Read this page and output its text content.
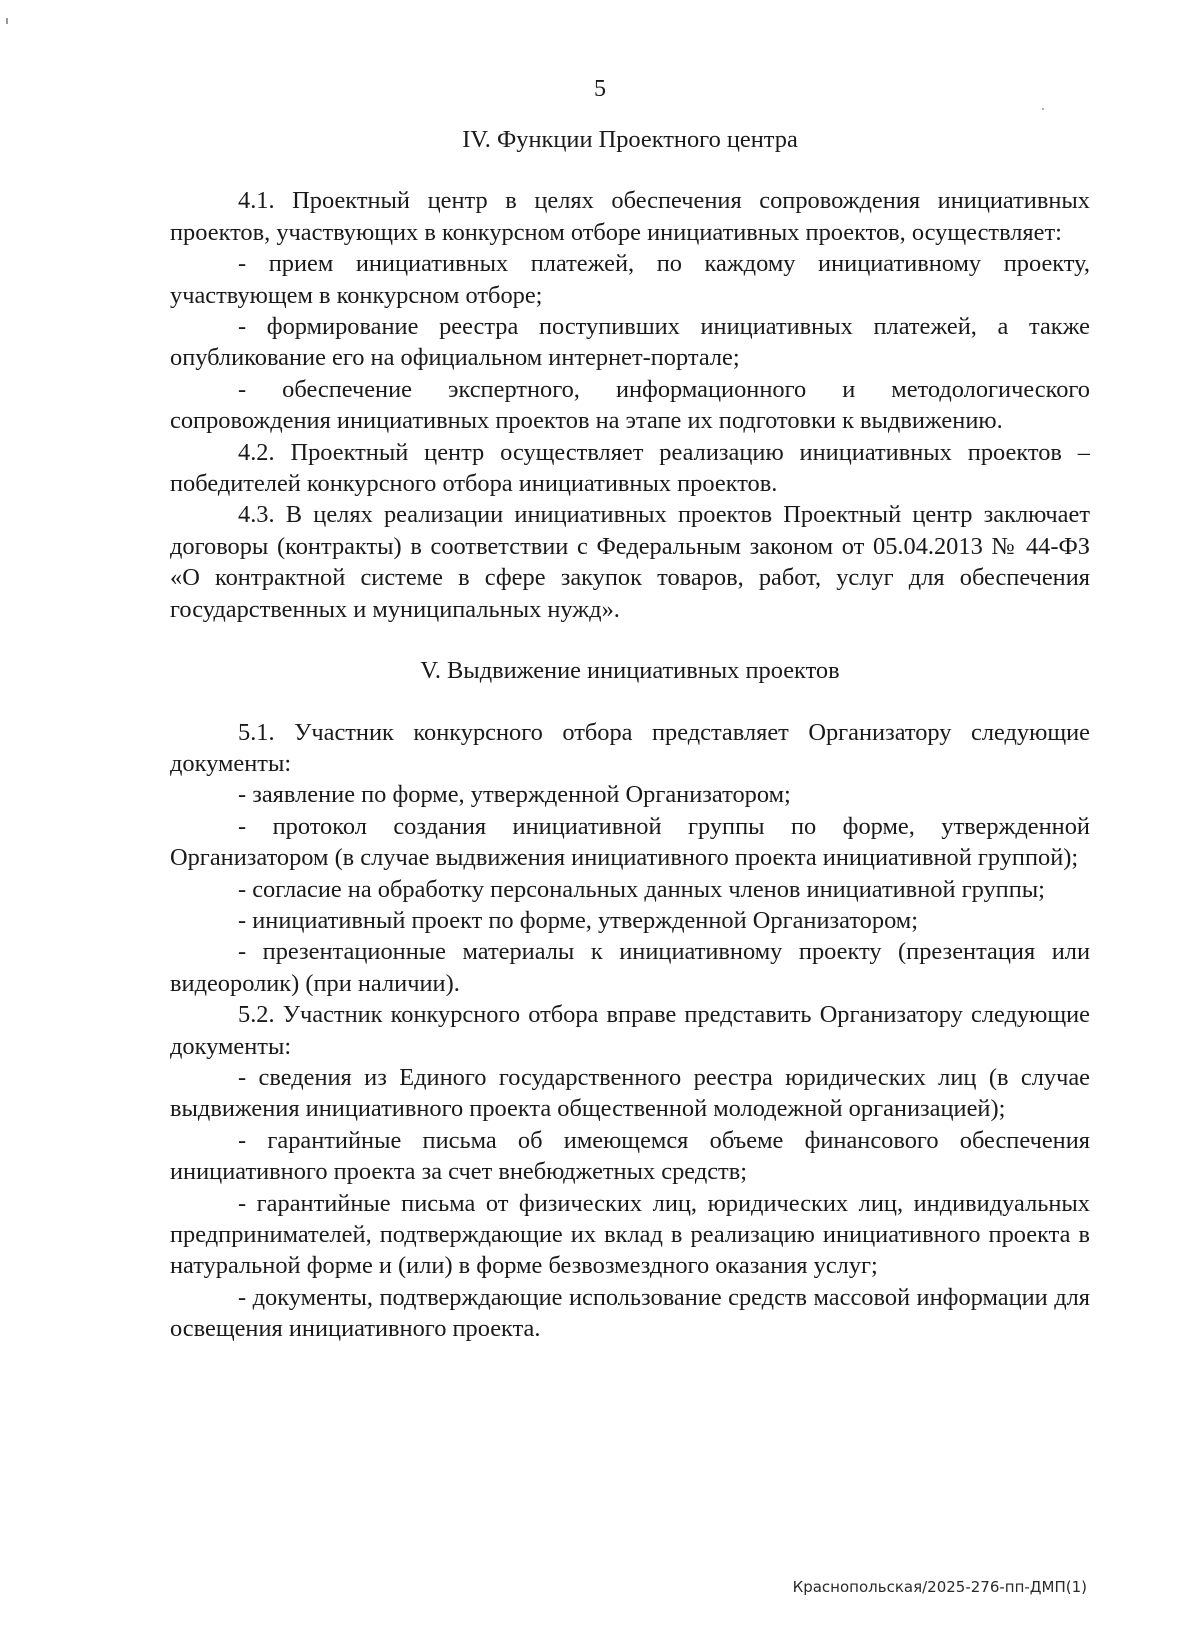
5
IV. Функции Проектного центра

4.1. Проектный центр в целях обеспечения сопровождения инициативных проектов, участвующих в конкурсном отборе инициативных проектов, осуществляет:

- прием инициативных платежей, по каждому инициативному проекту, участвующем в конкурсном отборе;

- формирование реестра поступивших инициативных платежей, а также опубликование его на официальном интернет-портале;

- обеспечение экспертного, информационного и методологического сопровождения инициативных проектов на этапе их подготовки к выдвижению.

4.2. Проектный центр осуществляет реализацию инициативных проектов – победителей конкурсного отбора инициативных проектов.

4.3. В целях реализации инициативных проектов Проектный центр заключает договоры (контракты) в соответствии с Федеральным законом от 05.04.2013 № 44-ФЗ «О контрактной системе в сфере закупок товаров, работ, услуг для обеспечения государственных и муниципальных нужд».

V. Выдвижение инициативных проектов

5.1. Участник конкурсного отбора представляет Организатору следующие документы:

- заявление по форме, утвержденной Организатором;

- протокол создания инициативной группы по форме, утвержденной Организатором (в случае выдвижения инициативного проекта инициативной группой);

- согласие на обработку персональных данных членов инициативной группы;

- инициативный проект по форме, утвержденной Организатором;

- презентационные материалы к инициативному проекту (презентация или видеоролик) (при наличии).

5.2. Участник конкурсного отбора вправе представить Организатору следующие документы:

- сведения из Единого государственного реестра юридических лиц (в случае выдвижения инициативного проекта общественной молодежной организацией);

- гарантийные письма об имеющемся объеме финансового обеспечения инициативного проекта за счет внебюджетных средств;

- гарантийные письма от физических лиц, юридических лиц, индивидуальных предпринимателей, подтверждающие их вклад в реализацию инициативного проекта в натуральной форме и (или) в форме безвозмездного оказания услуг;

- документы, подтверждающие использование средств массовой информации для освещения инициативного проекта.

Краснопольская/2025-276-пп-ДМП(1)
